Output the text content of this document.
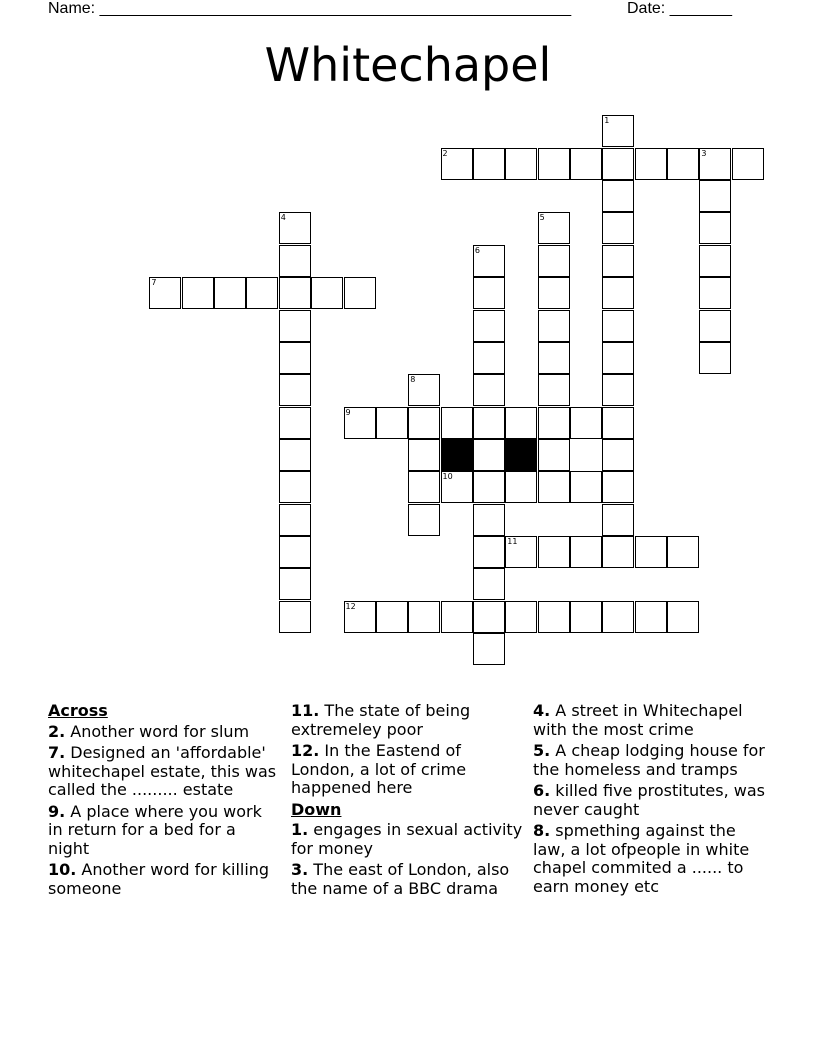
Name: _____________________________________________________	Date: _______
Whitechapel
1
3
2
4
7
5
6
8
9
10
11
12
Across
2. Another word for slum
7. Designed an 'affordable' whitechapel estate, this was called the ......... estate
9. A place where you work in return for a bed for a night
10. Another word for killing someone
11. The state of being extremeley poor
12. In the Eastend of London, a lot of crime happened here
Down
1. engages in sexual activity for money
3. The east of London, also the name of a BBC drama
4. A street in Whitechapel with the most crime
5. A cheap lodging house for the homeless and tramps
6. killed five prostitutes, was never caught
8. spmething against the law, a lot ofpeople in white chapel commited a ...... to earn money etc
